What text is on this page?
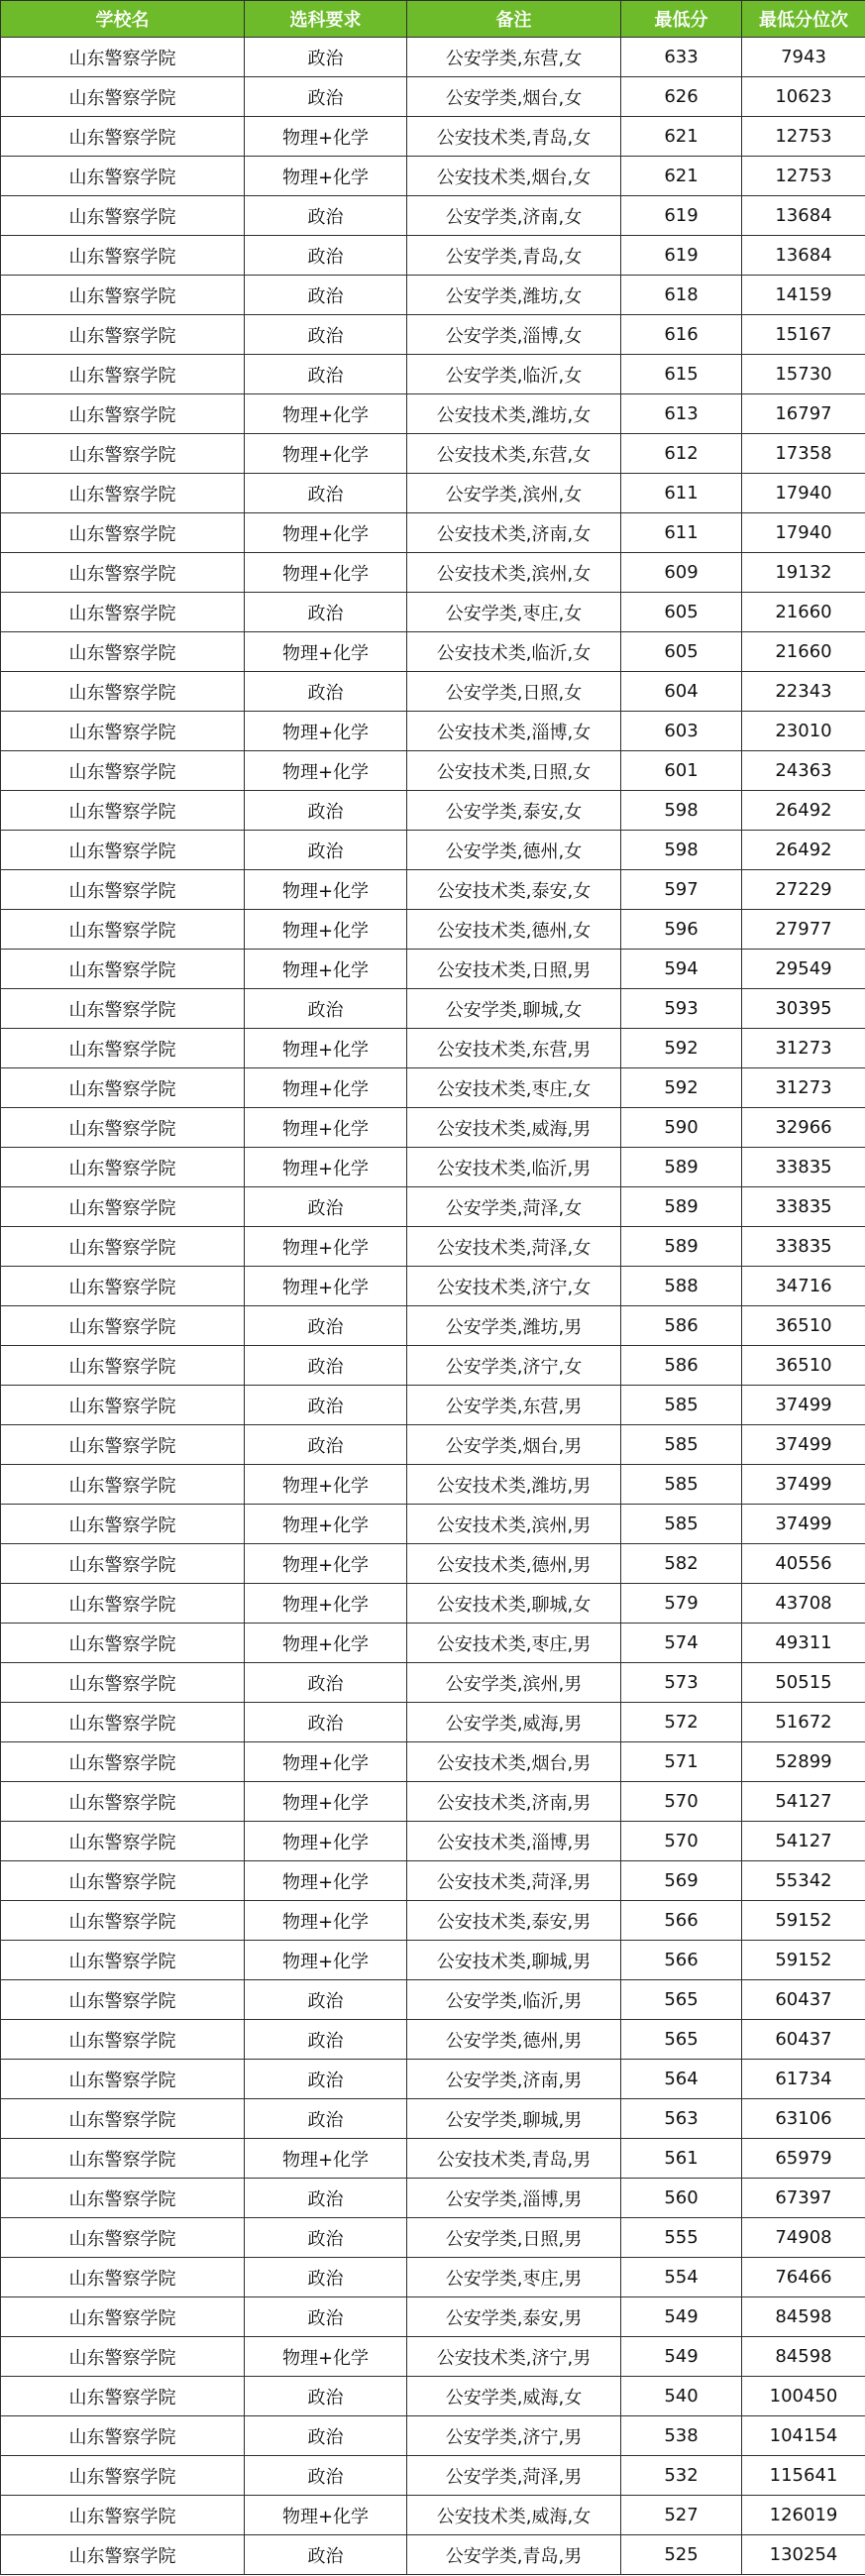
学校名	选科要求	备注	最低分	最低分位次
山东警察学院	政治	公安学类,东营,女	633	7943
山东警察学院	政治	公安学类,烟台,女	626	10623
山东警察学院	物理+化学	公安技术类,青岛,女	621	12753
山东警察学院	物理+化学	公安技术类,烟台,女	621	12753
山东警察学院	政治	公安学类,济南,女	619	13684
山东警察学院	政治	公安学类,青岛,女	619	13684
山东警察学院	政治	公安学类,潍坊,女	618	14159
山东警察学院	政治	公安学类,淄博,女	616	15167
山东警察学院	政治	公安学类,临沂,女	615	15730
山东警察学院	物理+化学	公安技术类,潍坊,女	613	16797
山东警察学院	物理+化学	公安技术类,东营,女	612	17358
山东警察学院	政治	公安学类,滨州,女	611	17940
山东警察学院	物理+化学	公安技术类,济南,女	611	17940
山东警察学院	物理+化学	公安技术类,滨州,女	609	19132
山东警察学院	政治	公安学类,枣庄,女	605	21660
山东警察学院	物理+化学	公安技术类,临沂,女	605	21660
山东警察学院	政治	公安学类,日照,女	604	22343
山东警察学院	物理+化学	公安技术类,淄博,女	603	23010
山东警察学院	物理+化学	公安技术类,日照,女	601	24363
山东警察学院	政治	公安学类,泰安,女	598	26492
山东警察学院	政治	公安学类,德州,女	598	26492
山东警察学院	物理+化学	公安技术类,泰安,女	597	27229
山东警察学院	物理+化学	公安技术类,德州,女	596	27977
山东警察学院	物理+化学	公安技术类,日照,男	594	29549
山东警察学院	政治	公安学类,聊城,女	593	30395
山东警察学院	物理+化学	公安技术类,东营,男	592	31273
山东警察学院	物理+化学	公安技术类,枣庄,女	592	31273
山东警察学院	物理+化学	公安技术类,威海,男	590	32966
山东警察学院	物理+化学	公安技术类,临沂,男	589	33835
山东警察学院	政治	公安学类,菏泽,女	589	33835
山东警察学院	物理+化学	公安技术类,菏泽,女	589	33835
山东警察学院	物理+化学	公安技术类,济宁,女	588	34716
山东警察学院	政治	公安学类,潍坊,男	586	36510
山东警察学院	政治	公安学类,济宁,女	586	36510
山东警察学院	政治	公安学类,东营,男	585	37499
山东警察学院	政治	公安学类,烟台,男	585	37499
山东警察学院	物理+化学	公安技术类,潍坊,男	585	37499
山东警察学院	物理+化学	公安技术类,滨州,男	585	37499
山东警察学院	物理+化学	公安技术类,德州,男	582	40556
山东警察学院	物理+化学	公安技术类,聊城,女	579	43708
山东警察学院	物理+化学	公安技术类,枣庄,男	574	49311
山东警察学院	政治	公安学类,滨州,男	573	50515
山东警察学院	政治	公安学类,威海,男	572	51672
山东警察学院	物理+化学	公安技术类,烟台,男	571	52899
山东警察学院	物理+化学	公安技术类,济南,男	570	54127
山东警察学院	物理+化学	公安技术类,淄博,男	570	54127
山东警察学院	物理+化学	公安技术类,菏泽,男	569	55342
山东警察学院	物理+化学	公安技术类,泰安,男	566	59152
山东警察学院	物理+化学	公安技术类,聊城,男	566	59152
山东警察学院	政治	公安学类,临沂,男	565	60437
山东警察学院	政治	公安学类,德州,男	565	60437
山东警察学院	政治	公安学类,济南,男	564	61734
山东警察学院	政治	公安学类,聊城,男	563	63106
山东警察学院	物理+化学	公安技术类,青岛,男	561	65979
山东警察学院	政治	公安学类,淄博,男	560	67397
山东警察学院	政治	公安学类,日照,男	555	74908
山东警察学院	政治	公安学类,枣庄,男	554	76466
山东警察学院	政治	公安学类,泰安,男	549	84598
山东警察学院	物理+化学	公安技术类,济宁,男	549	84598
山东警察学院	政治	公安学类,威海,女	540	100450
山东警察学院	政治	公安学类,济宁,男	538	104154
山东警察学院	政治	公安学类,菏泽,男	532	115641
山东警察学院	物理+化学	公安技术类,威海,女	527	126019
山东警察学院	政治	公安学类,青岛,男	525	130254
